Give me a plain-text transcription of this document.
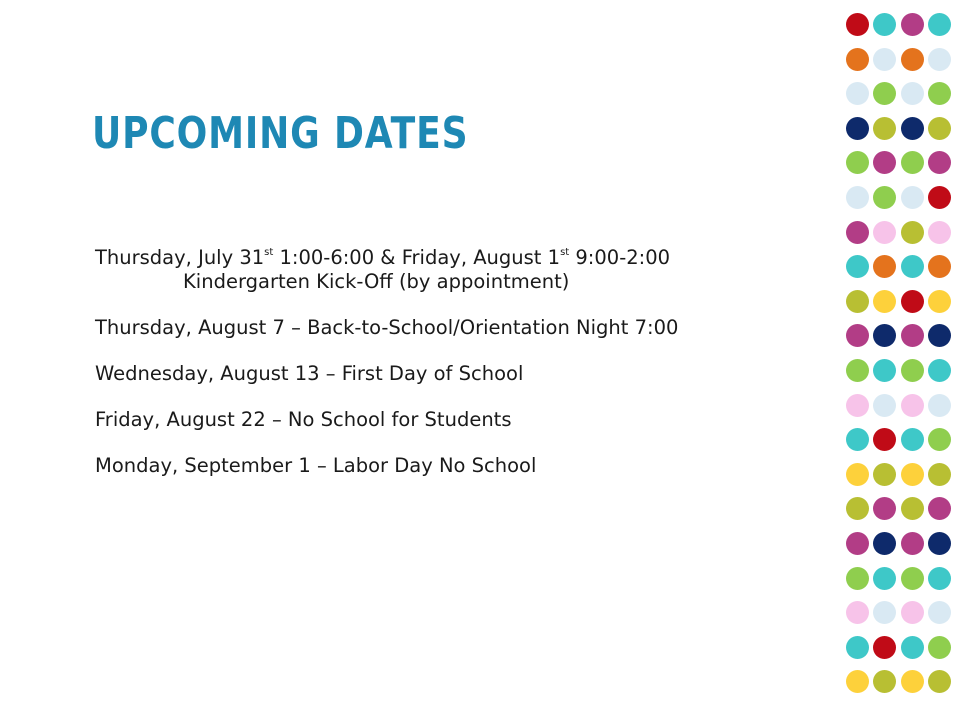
UPCOMING DATES

Thursday, July 31st 1:00-6:00 & Friday, August 1st 9:00-2:00
Kindergarten Kick-Off (by appointment)

Thursday, August 7 – Back-to-School/Orientation Night 7:00

Wednesday, August 13 – First Day of School

Friday, August 22 – No School for Students

Monday, September 1 – Labor Day No School
